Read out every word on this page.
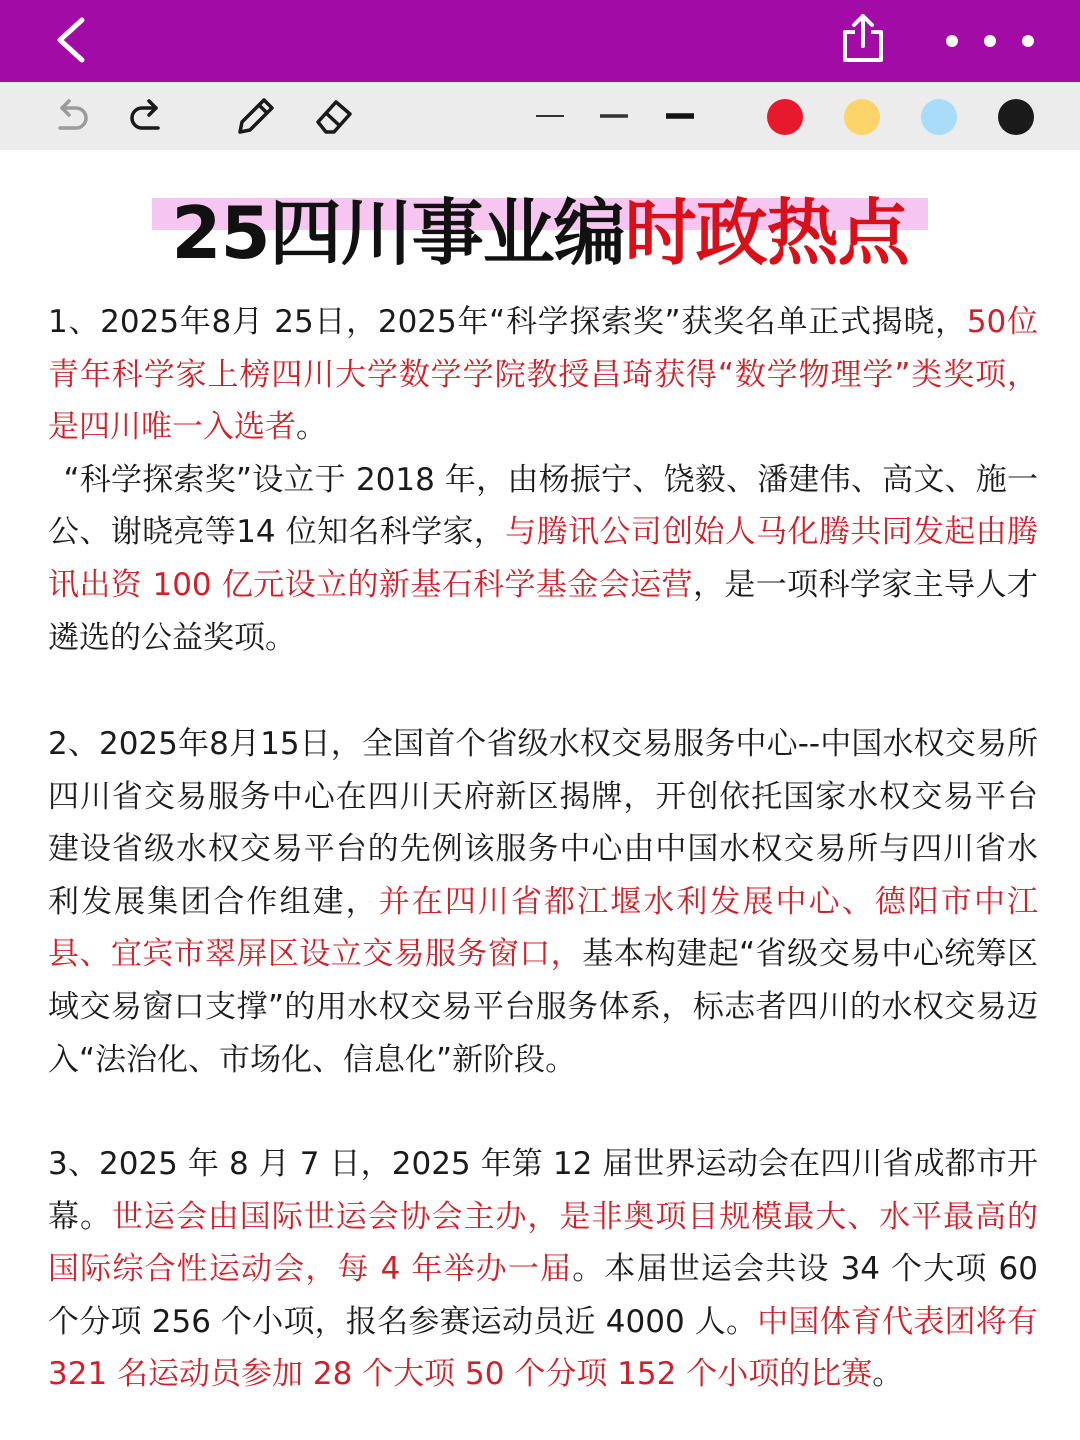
25四川事业编时政热点
1、2025年8月 25日，2025年“科学探索奖”获奖名单正式揭晓，50位青年科学家上榜四川大学数学学院教授昌琦获得“数学物理学”类奖项，是四川唯一入选者。
“科学探索奖”设立于 2018 年，由杨振宁、饶毅、潘建伟、高文、施一公、谢晓亮等14 位知名科学家，与腾讯公司创始人马化腾共同发起由腾讯出资 100 亿元设立的新基石科学基金会运营，是一项科学家主导人才遴选的公益奖项。
2、2025年8月15日，全国首个省级水权交易服务中心--中国水权交易所四川省交易服务中心在四川天府新区揭牌，开创依托国家水权交易平台建设省级水权交易平台的先例该服务中心由中国水权交易所与四川省水利发展集团合作组建，并在四川省都江堰水利发展中心、德阳市中江县、宜宾市翠屏区设立交易服务窗口，基本构建起“省级交易中心统筹区域交易窗口支撑”的用水权交易平台服务体系，标志者四川的水权交易迈入“法治化、市场化、信息化”新阶段。
3、2025 年 8 月 7 日，2025 年第 12 届世界运动会在四川省成都市开幕。世运会由国际世运会协会主办，是非奥项目规模最大、水平最高的国际综合性运动会，每 4 年举办一届。本届世运会共设 34 个大项 60 个分项 256 个小项，报名参赛运动员近 4000 人。中国体育代表团将有 321 名运动员参加 28 个大项 50 个分项 152 个小项的比赛。
